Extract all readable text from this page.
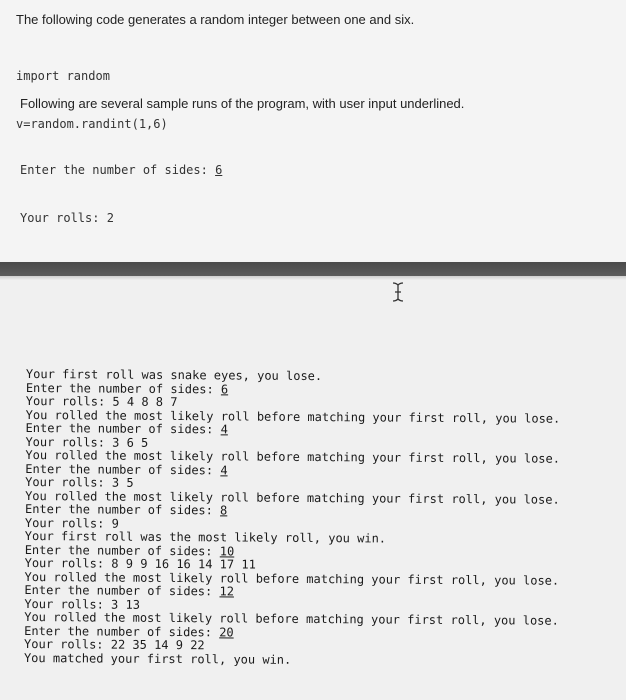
The following code generates a random integer between one and six.

import random

v=random.randint(1,6)

Following are several sample runs of the program, with user input underlined.

Enter the number of sides: 6

Your rolls: 2

Your first roll was snake eyes, you lose.
Enter the number of sides: 6
Your rolls: 5 4 8 8 7
You rolled the most likely roll before matching your first roll, you lose.
Enter the number of sides: 4
Your rolls: 3 6 5
You rolled the most likely roll before matching your first roll, you lose.
Enter the number of sides: 4
Your rolls: 3 5
You rolled the most likely roll before matching your first roll, you lose.
Enter the number of sides: 8
Your rolls: 9
Your first roll was the most likely roll, you win.
Enter the number of sides: 10
Your rolls: 8 9 9 16 16 14 17 11
You rolled the most likely roll before matching your first roll, you lose.
Enter the number of sides: 12
Your rolls: 3 13
You rolled the most likely roll before matching your first roll, you lose.
Enter the number of sides: 20
Your rolls: 22 35 14 9 22
You matched your first roll, you win.
